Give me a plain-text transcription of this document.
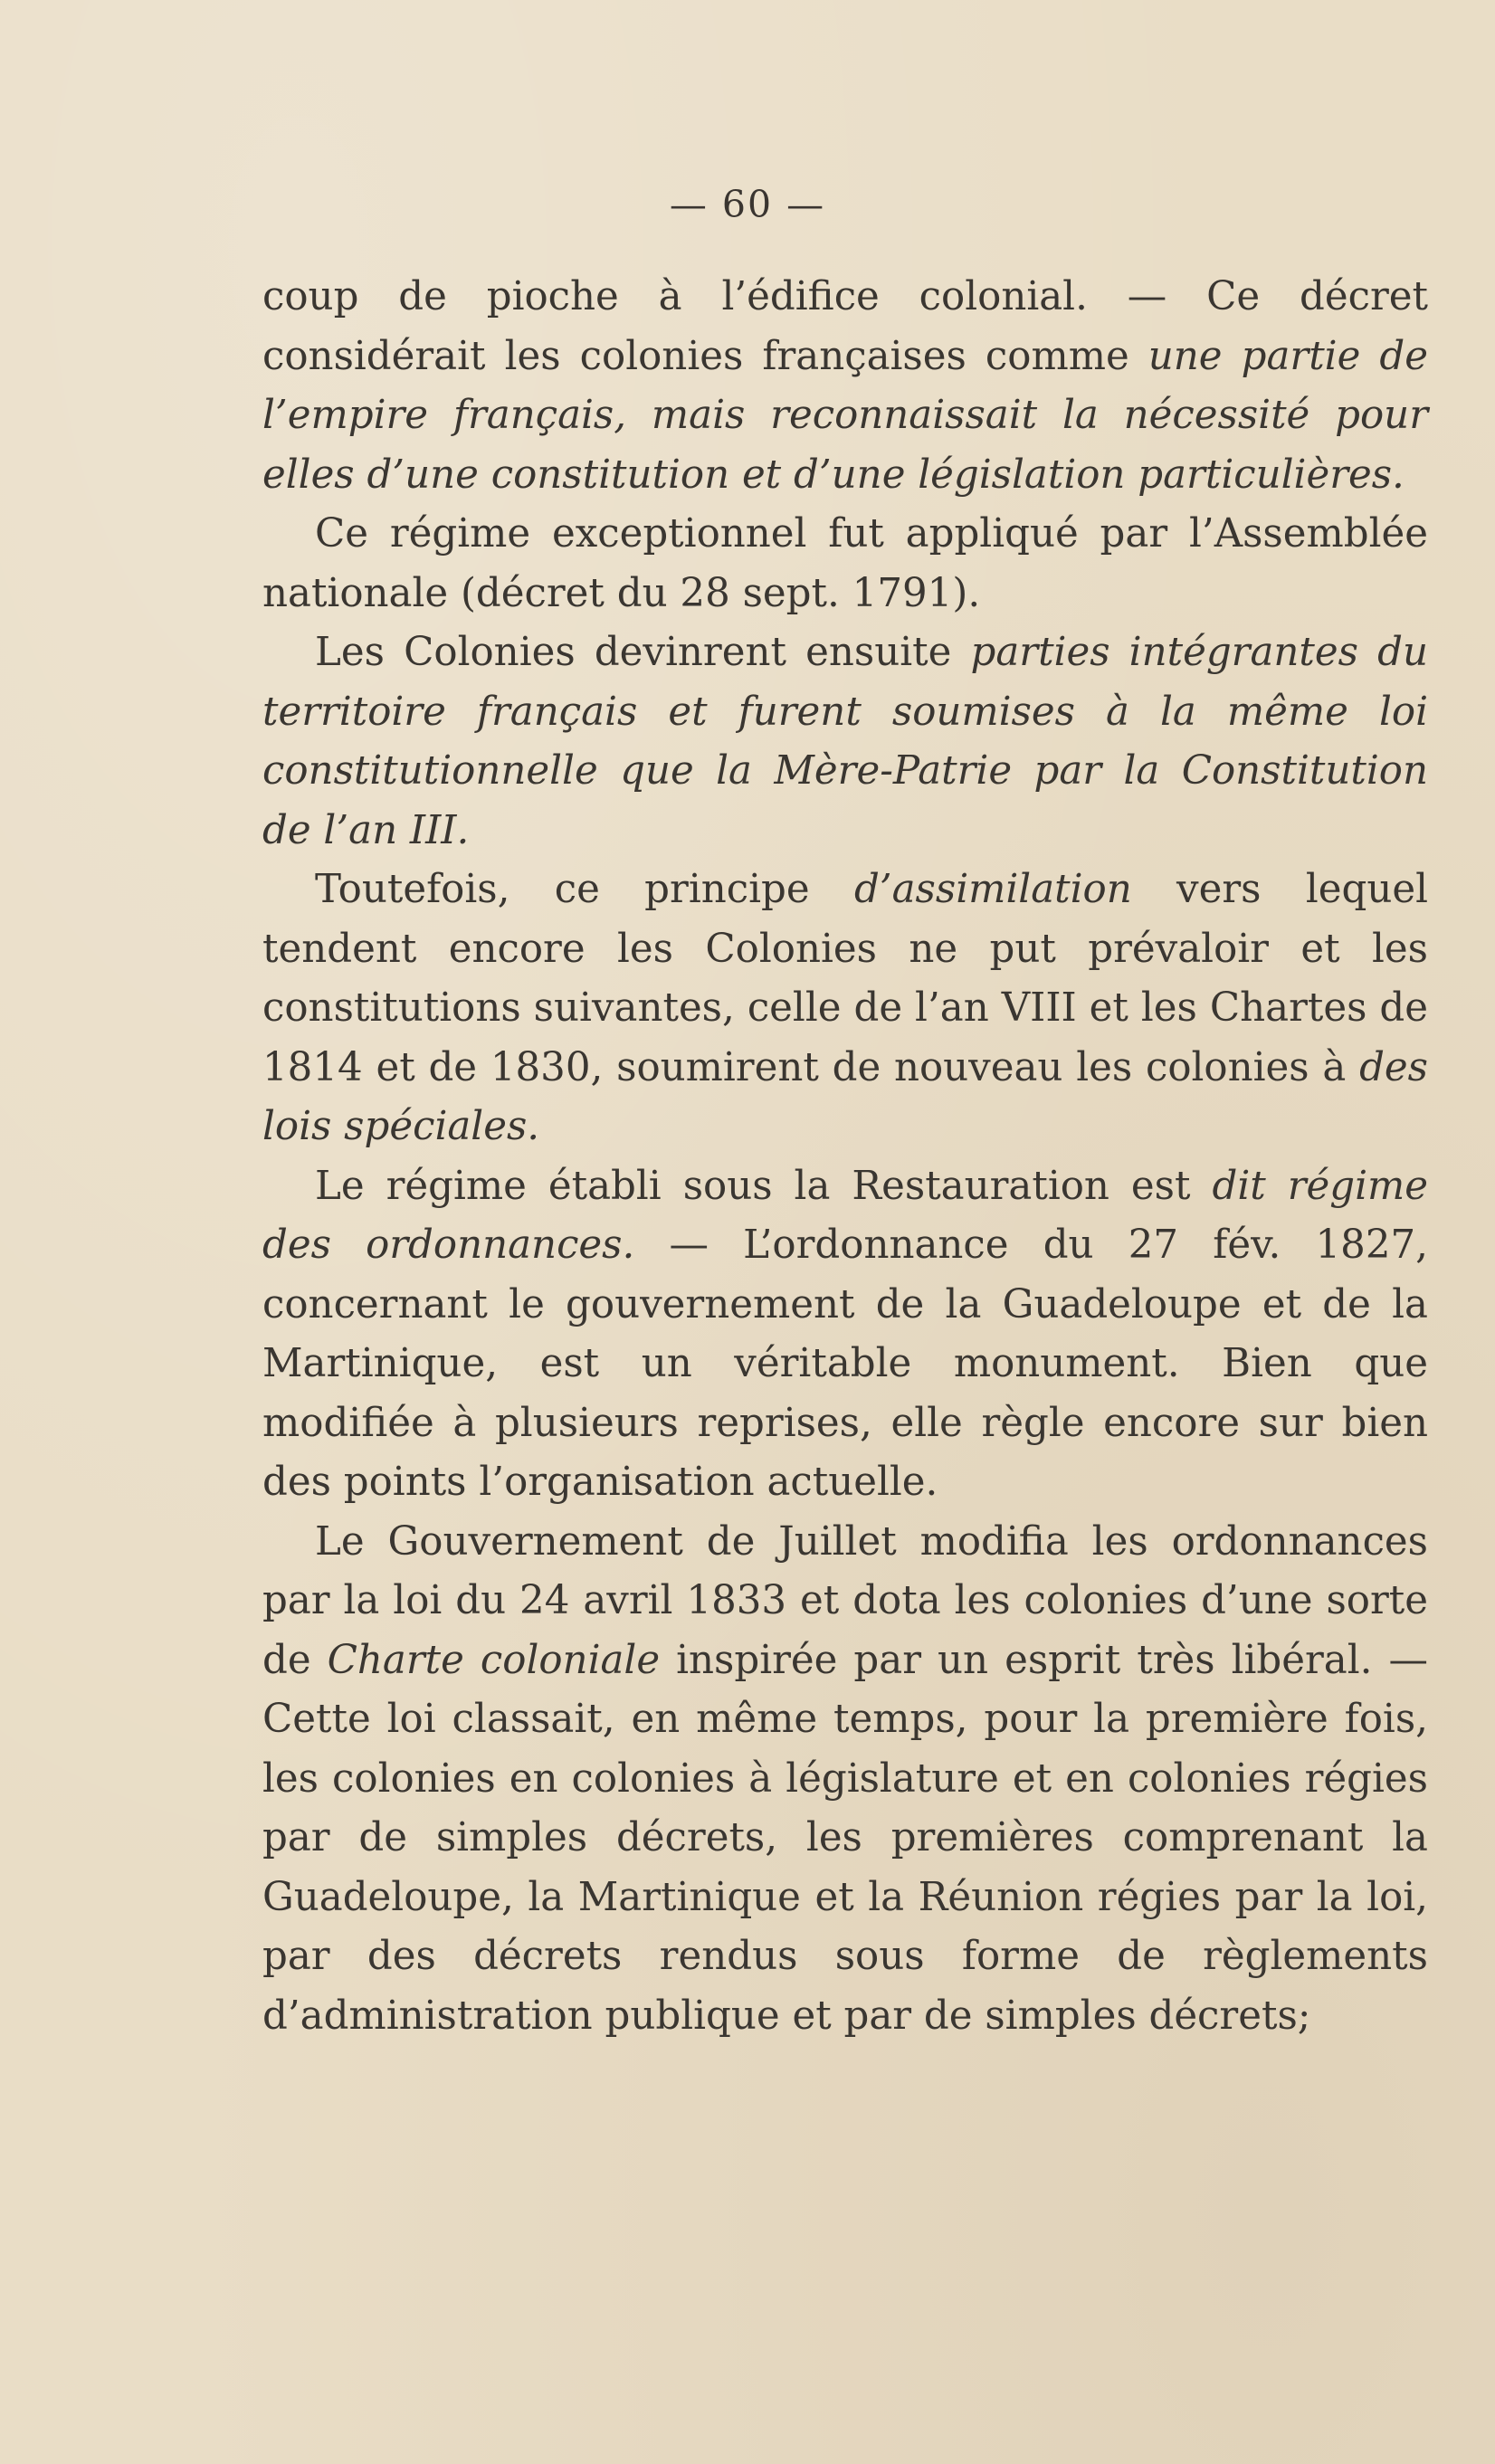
— 60 —

coup de pioche à l’édifice colonial. — Ce décret considérait les colonies françaises comme une partie de l’empire français, mais reconnaissait la nécessité pour elles d’une constitution et d’une législation particulières.

Ce régime exceptionnel fut appliqué par l’Assemblée nationale (décret du 28 sept. 1791).

Les Colonies devinrent ensuite parties intégrantes du territoire français et furent soumises à la même loi constitutionnelle que la Mère-Patrie par la Constitution de l’an III.

Toutefois, ce principe d’assimilation vers lequel tendent encore les Colonies ne put prévaloir et les constitutions suivantes, celle de l’an VIII et les Chartes de 1814 et de 1830, soumirent de nouveau les colonies à des lois spéciales.

Le régime établi sous la Restauration est dit régime des ordonnances. — L’ordonnance du 27 fév. 1827, concernant le gouvernement de la Guadeloupe et de la Martinique, est un véritable monument. Bien que modifiée à plusieurs reprises, elle règle encore sur bien des points l’organisation actuelle.

Le Gouvernement de Juillet modifia les ordonnances par la loi du 24 avril 1833 et dota les colonies d’une sorte de Charte coloniale inspirée par un esprit très libéral. — Cette loi classait, en même temps, pour la première fois, les colonies en colonies à législature et en colonies régies par de simples décrets, les premières comprenant la Guadeloupe, la Martinique et la Réunion régies par la loi, par des décrets rendus sous forme de règlements d’administration publique et par de simples décrets;
